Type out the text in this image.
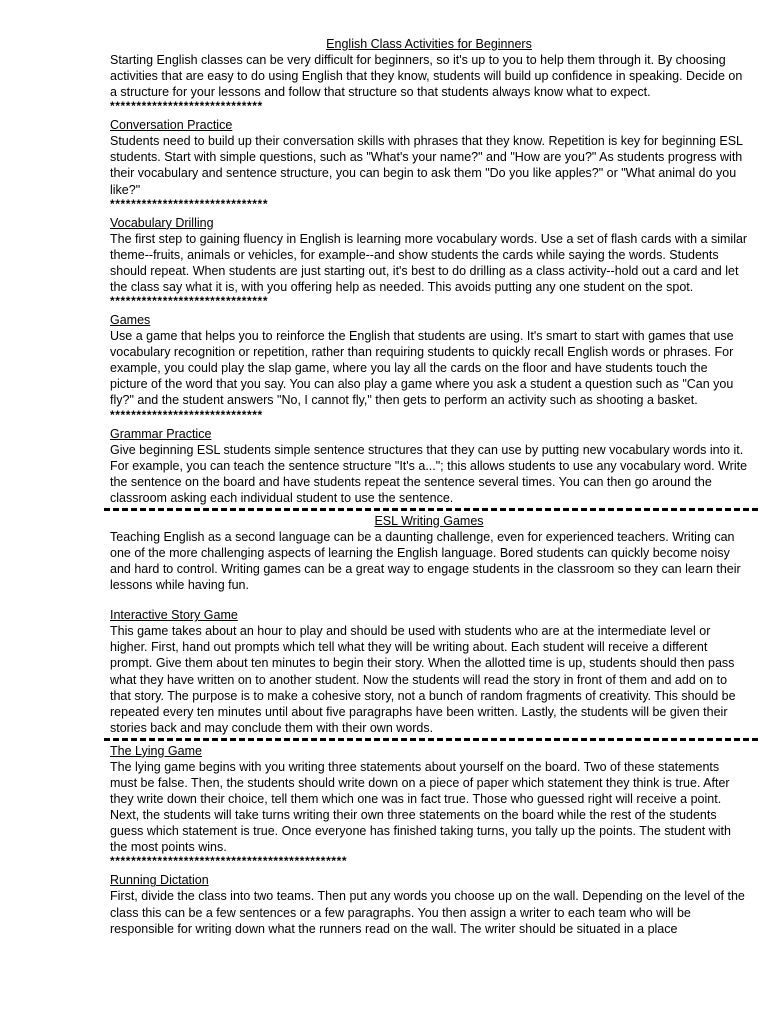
English Class Activities for Beginners

Starting English classes can be very difficult for beginners, so it's up to you to help them through it. By choosing activities that are easy to do using English that they know, students will build up confidence in speaking. Decide on a structure for your lessons and follow that structure so that students always know what to expect.

*****************************
Conversation Practice

Students need to build up their conversation skills with phrases that they know. Repetition is key for beginning ESL students. Start with simple questions, such as "What's your name?" and "How are you?" As students progress with their vocabulary and sentence structure, you can begin to ask them "Do you like apples?" or "What animal do you like?"

******************************
Vocabulary Drilling

The first step to gaining fluency in English is learning more vocabulary words. Use a set of flash cards with a similar theme--fruits, animals or vehicles, for example--and show students the cards while saying the words. Students should repeat. When students are just starting out, it's best to do drilling as a class activity--hold out a card and let the class say what it is, with you offering help as needed. This avoids putting any one student on the spot.

******************************
Games

Use a game that helps you to reinforce the English that students are using. It's smart to start with games that use vocabulary recognition or repetition, rather than requiring students to quickly recall English words or phrases. For example, you could play the slap game, where you lay all the cards on the floor and have students touch the picture of the word that you say. You can also play a game where you ask a student a question such as "Can you fly?" and the student answers "No, I cannot fly," then gets to perform an activity such as shooting a basket.

*****************************
Grammar Practice

Give beginning ESL students simple sentence structures that they can use by putting new vocabulary words into it. For example, you can teach the sentence structure "It's a..."; this allows students to use any vocabulary word. Write the sentence on the board and have students repeat the sentence several times. You can then go around the classroom asking each individual student to use the sentence.

ESL Writing Games

Teaching English as a second language can be a daunting challenge, even for experienced teachers. Writing can one of the more challenging aspects of learning the English language. Bored students can quickly become noisy and hard to control. Writing games can be a great way to engage students in the classroom so they can learn their lessons while having fun.

Interactive Story Game

This game takes about an hour to play and should be used with students who are at the intermediate level or higher. First, hand out prompts which tell what they will be writing about. Each student will receive a different prompt. Give them about ten minutes to begin their story. When the allotted time is up, students should then pass what they have written on to another student. Now the students will read the story in front of them and add on to that story. The purpose is to make a cohesive story, not a bunch of random fragments of creativity. This should be repeated every ten minutes until about five paragraphs have been written. Lastly, the students will be given their stories back and may conclude them with their own words.

The Lying Game

The lying game begins with you writing three statements about yourself on the board. Two of these statements must be false. Then, the students should write down on a piece of paper which statement they think is true. After they write down their choice, tell them which one was in fact true. Those who guessed right will receive a point. Next, the students will take turns writing their own three statements on the board while the rest of the students guess which statement is true. Once everyone has finished taking turns, you tally up the points. The student with the most points wins.

*********************************************
Running Dictation

First, divide the class into two teams. Then put any words you choose up on the wall. Depending on the level of the class this can be a few sentences or a few paragraphs. You then assign a writer to each team who will be responsible for writing down what the runners read on the wall. The writer should be situated in a place
